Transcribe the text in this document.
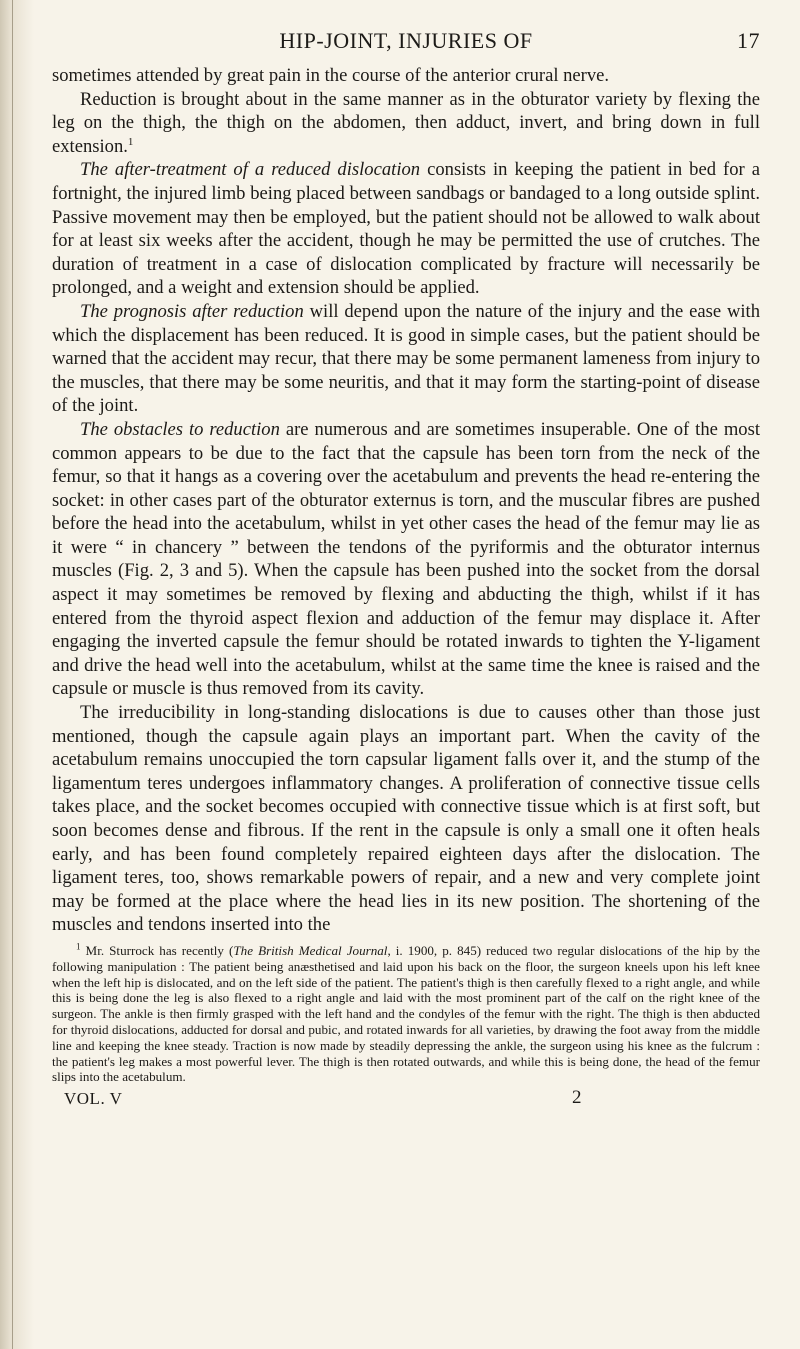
HIP-JOINT, INJURIES OF	17

sometimes attended by great pain in the course of the anterior crural nerve.

Reduction is brought about in the same manner as in the obturator variety by flexing the leg on the thigh, the thigh on the abdomen, then adduct, invert, and bring down in full extension.$^1$

The after-treatment of a reduced dislocation consists in keeping the patient in bed for a fortnight, the injured limb being placed between sandbags or bandaged to a long outside splint. Passive movement may then be employed, but the patient should not be allowed to walk about for at least six weeks after the accident, though he may be permitted the use of crutches. The duration of treatment in a case of dislocation complicated by fracture will necessarily be prolonged, and a weight and extension should be applied.

The prognosis after reduction will depend upon the nature of the injury and the ease with which the displacement has been reduced. It is good in simple cases, but the patient should be warned that the accident may recur, that there may be some permanent lameness from injury to the muscles, that there may be some neuritis, and that it may form the starting-point of disease of the joint.

The obstacles to reduction are numerous and are sometimes insuperable. One of the most common appears to be due to the fact that the capsule has been torn from the neck of the femur, so that it hangs as a covering over the acetabulum and prevents the head re-entering the socket: in other cases part of the obturator externus is torn, and the muscular fibres are pushed before the head into the acetabulum, whilst in yet other cases the head of the femur may lie as it were “ in chancery ” between the tendons of the pyriformis and the obturator internus muscles (Fig. 2, 3 and 5). When the capsule has been pushed into the socket from the dorsal aspect it may sometimes be removed by flexing and abducting the thigh, whilst if it has entered from the thyroid aspect flexion and adduction of the femur may displace it. After engaging the inverted capsule the femur should be rotated inwards to tighten the Y-ligament and drive the head well into the acetabulum, whilst at the same time the knee is raised and the capsule or muscle is thus removed from its cavity.

The irreducibility in long-standing dislocations is due to causes other than those just mentioned, though the capsule again plays an important part. When the cavity of the acetabulum remains unoccupied the torn capsular ligament falls over it, and the stump of the ligamentum teres undergoes inflammatory changes. A proliferation of connective tissue cells takes place, and the socket becomes occupied with connective tissue which is at first soft, but soon becomes dense and fibrous. If the rent in the capsule is only a small one it often heals early, and has been found completely repaired eighteen days after the dislocation. The ligament teres, too, shows remarkable powers of repair, and a new and very complete joint may be formed at the place where the head lies in its new position. The shortening of the muscles and tendons inserted into the

$^1$ Mr. Sturrock has recently (The British Medical Journal, i. 1900, p. 845) reduced two regular dislocations of the hip by the following manipulation : The patient being anæsthetised and laid upon his back on the floor, the surgeon kneels upon his left knee when the left hip is dislocated, and on the left side of the patient. The patient's thigh is then carefully flexed to a right angle, and while this is being done the leg is also flexed to a right angle and laid with the most prominent part of the calf on the right knee of the surgeon. The ankle is then firmly grasped with the left hand and the condyles of the femur with the right. The thigh is then abducted for thyroid dislocations, adducted for dorsal and pubic, and rotated inwards for all varieties, by drawing the foot away from the middle line and keeping the knee steady. Traction is now made by steadily depressing the ankle, the surgeon using his knee as the fulcrum : the patient's leg makes a most powerful lever. The thigh is then rotated outwards, and while this is being done, the head of the femur slips into the acetabulum.

VOL. V	2
